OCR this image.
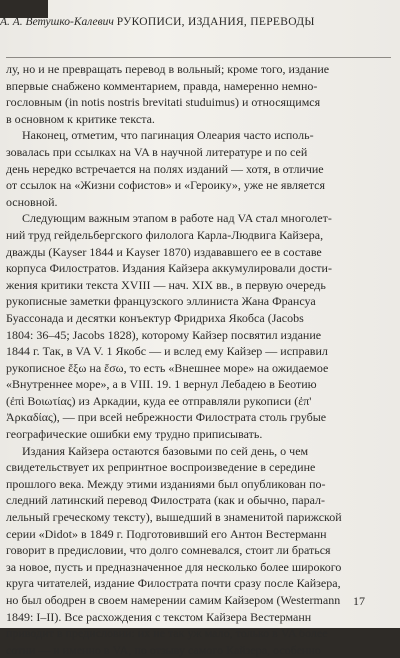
А. А. Ветушко-Калевич РУКОПИСИ, ИЗДАНИЯ, ПЕРЕВОДЫ
лу, но и не превращать перевод в вольный; кроме того, издание
впервые снабжено комментарием, правда, намеренно немно-
гословным (in notis nostris brevitati studuimus) и относящимся
в основном к критике текста.
Наконец, отметим, что пагинация Олеария часто исполь-
зовалась при ссылках на VA в научной литературе и по сей
день нередко встречается на полях изданий — хотя, в отличие
от ссылок на «Жизни софистов» и «Героику», уже не является
основной.
Следующим важным этапом в работе над VA стал многолет-
ний труд гейдельбергского филолога Карла-Людвига Кайзера,
дважды (Kayser 1844 и Kayser 1870) издававшего ее в составе
корпуса Филостратов. Издания Кайзера аккумулировали дости-
жения критики текста XVIII — нач. XIX вв., в первую очередь
рукописные заметки французского эллиниста Жана Франсуа
Буассонада и десятки конъектур Фридриха Якобса (Jacobs
1804: 36–45; Jacobs 1828), которому Кайзер посвятил издание
1844 г. Так, в VA V. 1 Якобс — и вслед ему Кайзер — исправил
рукописное ἔξω на ἔσω, то есть «Внешнее море» на ожидаемое
«Внутреннее море», а в VIII. 19. 1 вернул Лебадею в Беотию
(ἐπὶ Βοιωτίας) из Аркадии, куда ее отправляли рукописи (ἐπ'
Ἀρκαδίας), — при всей небрежности Филострата столь грубые
географические ошибки ему трудно приписывать.
Издания Кайзера остаются базовыми по сей день, о чем
свидетельствует их репринтное воспроизведение в середине
прошлого века. Между этими изданиями был опубликован по-
следний латинский перевод Филострата (как и обычно, парал-
лельный греческому тексту), вышедший в знаменитой парижской
серии «Didot» в 1849 г. Подготовивший его Антон Вестерманн
говорит в предисловии, что долго сомневался, стоит ли браться
за новое, пусть и предназначенное для несколько более широкого
круга читателей, издание Филострата почти сразу после Кайзера,
но был ободрен в своем намерении самим Кайзером (Westermann
1849: I–II). Все расхождения с текстом Кайзера Вестерманн
приводит в предисловии: их не так уж мало, только в VA более
сотни — и именно в VA, по отзыву самого Кайзера, особенно
17
